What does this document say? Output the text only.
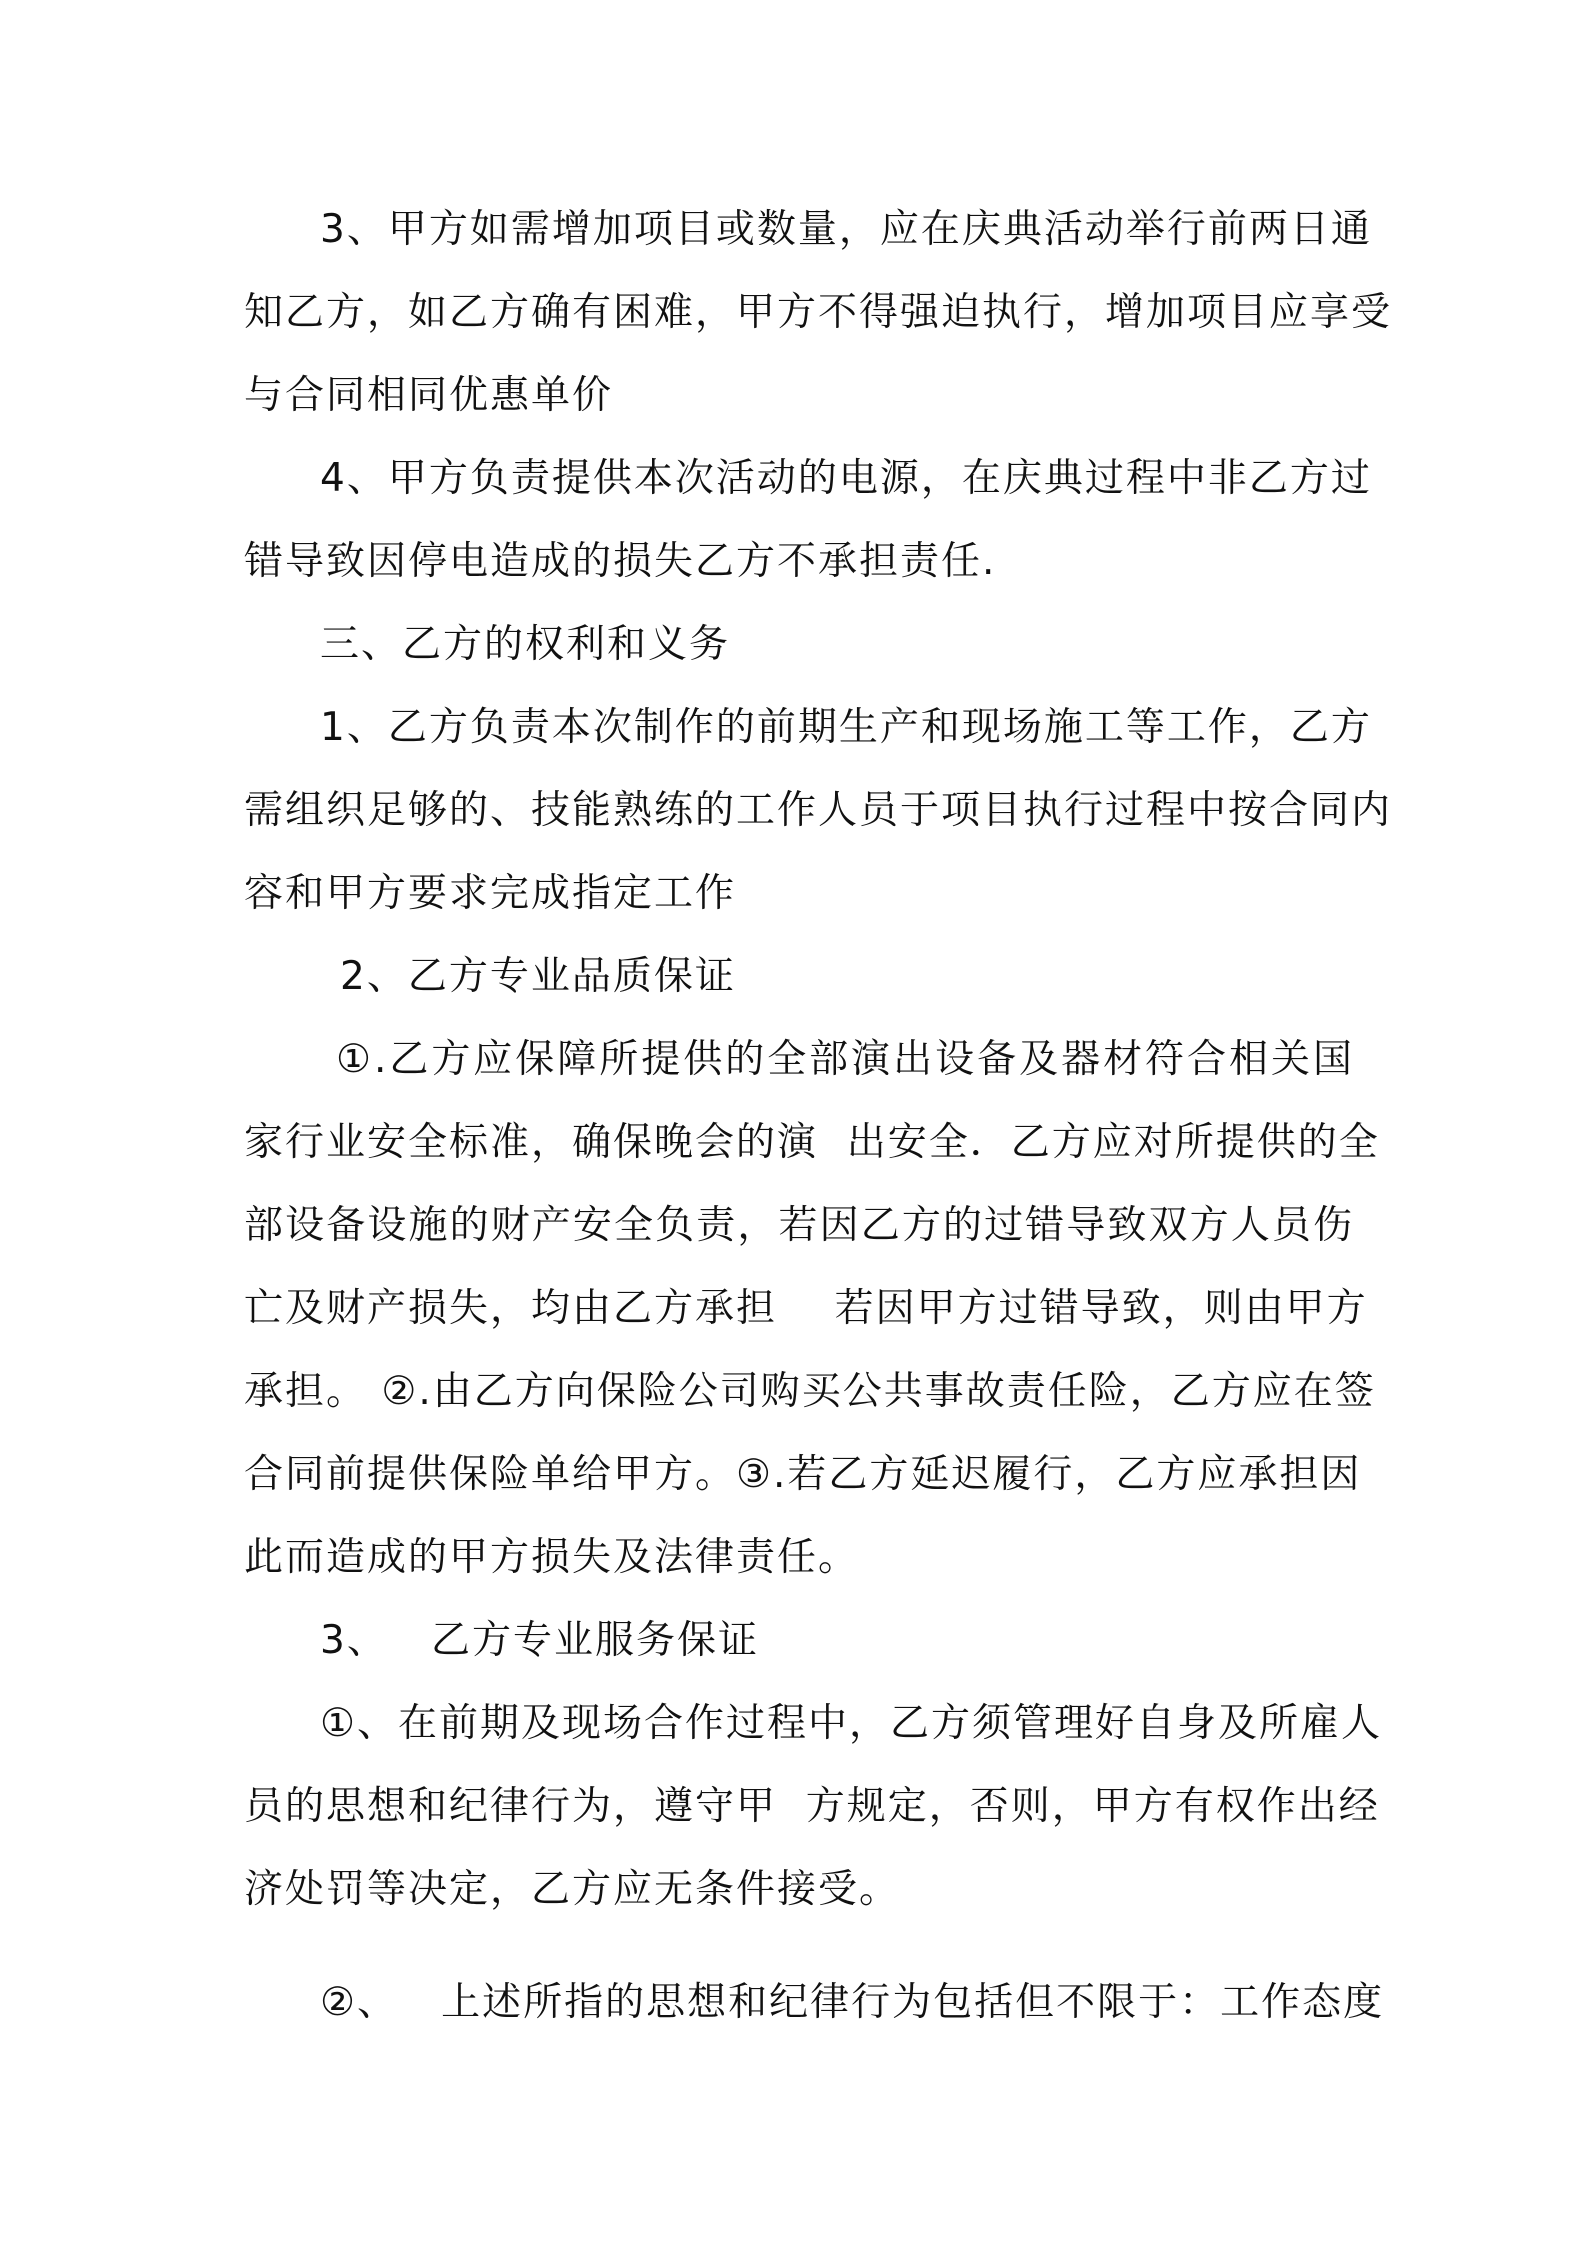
3、甲方如需增加项目或数量，应在庆典活动举行前两日通
知乙方，如乙方确有困难，甲方不得强迫执行，增加项目应享受
与合同相同优惠单价
4、甲方负责提供本次活动的电源，在庆典过程中非乙方过
错导致因停电造成的损失乙方不承担责任.
三、乙方的权利和义务
1、乙方负责本次制作的前期生产和现场施工等工作，乙方
需组织足够的、技能熟练的工作人员于项目执行过程中按合同内
容和甲方要求完成指定工作
2、乙方专业品质保证
①.乙方应保障所提供的全部演出设备及器材符合相关国
家行业安全标准，确保晚会的演  出安全．乙方应对所提供的全
部设备设施的财产安全负责，若因乙方的过错导致双方人员伤
亡及财产损失，均由乙方承担    若因甲方过错导致，则由甲方
承担。 ②.由乙方向保险公司购买公共事故责任险，乙方应在签
合同前提供保险单给甲方。③.若乙方延迟履行，乙方应承担因
此而造成的甲方损失及法律责任。
3、   乙方专业服务保证
①、在前期及现场合作过程中，乙方须管理好自身及所雇人
员的思想和纪律行为，遵守甲  方规定，否则，甲方有权作出经
济处罚等决定，乙方应无条件接受。
②、   上述所指的思想和纪律行为包括但不限于：工作态度
